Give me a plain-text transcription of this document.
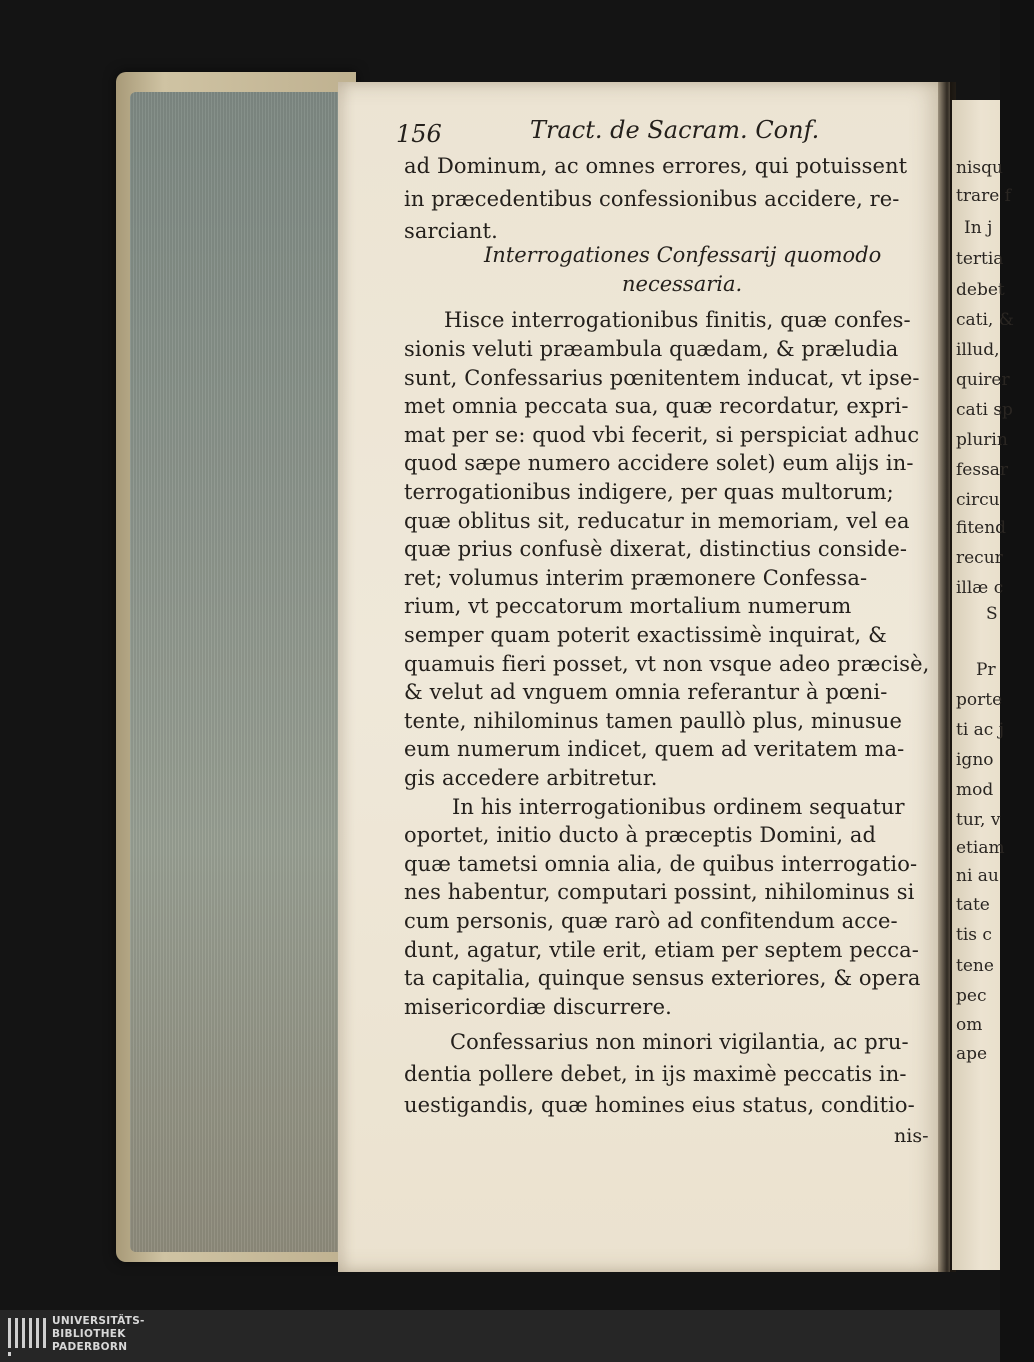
156	Tract. de Sacram. Conf.
ad Dominum, ac omnes errores, qui potuissent
in præcedentibus confessionibus accidere, re-
sarciant.
Interrogationes Confessarij quomodo
necessaria.
Hisce interrogationibus finitis, quæ confes-
sionis veluti præambula quædam, & præludia
sunt, Confessarius pœnitentem inducat, vt ipse-
met omnia peccata sua, quæ recordatur, expri-
mat per se: quod vbi fecerit, si perspiciat adhuc
quod sæpe numero accidere solet) eum alijs in-
terrogationibus indigere, per quas multorum;
quæ oblitus sit, reducatur in memoriam, vel ea
quæ prius confusè dixerat, distinctius conside-
ret; volumus interim præmonere Confessa-
rium, vt peccatorum mortalium numerum
semper quam poterit exactissimè inquirat, &
quamuis fieri posset, vt non vsque adeo præcisè,
& velut ad vnguem omnia referantur à pœni-
tente, nihilominus tamen paullò plus, minusue
eum numerum indicet, quem ad veritatem ma-
gis accedere arbitretur.
In his interrogationibus ordinem sequatur
oportet, initio ducto à præceptis Domini, ad
quæ tametsi omnia alia, de quibus interrogatio-
nes habentur, computari possint, nihilominus si
cum personis, quæ rarò ad confitendum acce-
dunt, agatur, vtile erit, etiam per septem pecca-
ta capitalia, quinque sensus exteriores, & opera
misericordiæ discurrere.
Confessarius non minori vigilantia, ac pru-
dentia pollere debet, in ijs maximè peccatis in-
uestigandis, quæ homines eius status, conditio-
nis-
nisqu
trare f
In j
tertia
debet
cati, &
illud,
quirer
cati sp
plurin
fessar
circu
fitend
recur
illæ c
S
Pr
porte
ti ac j
igno
mod
tur, v
etiam
ni au
tate
tis c
tene
pec
om
ape
UNIVERSITÄTS-
BIBLIOTHEK
PADERBORN
